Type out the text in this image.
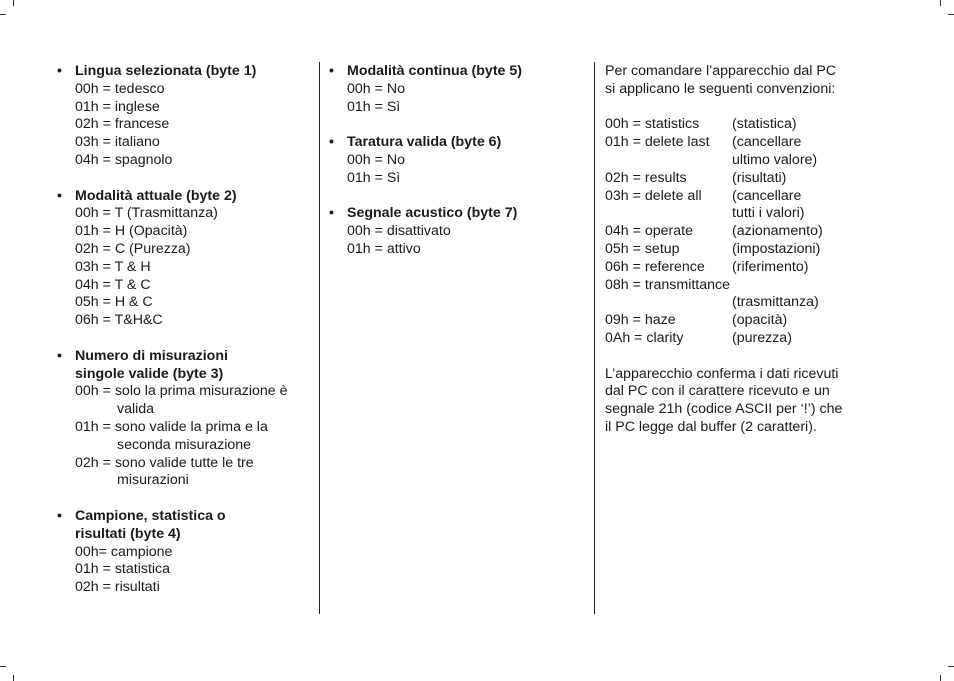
• Lingua selezionata (byte 1)
00h = tedesco
01h = inglese
02h = francese
03h = italiano
04h = spagnolo
• Modalità attuale (byte 2)
00h = T (Trasmittanza)
01h = H (Opacità)
02h = C (Purezza)
03h = T & H
04h = T & C
05h = H & C
06h = T&H&C
• Numero di misurazioni
singole valide (byte 3)
00h = solo la prima misurazione è
valida
01h = sono valide la prima e la
seconda misurazione
02h = sono valide tutte le tre
misurazioni
• Campione, statistica o
risultati (byte 4)
00h= campione
01h = statistica
02h = risultati
• Modalità continua (byte 5)
00h = No
01h = Sì
• Taratura valida (byte 6)
00h = No
01h = Sì
• Segnale acustico (byte 7)
00h = disattivato
01h = attivo
Per comandare l’apparecchio dal PC
si applicano le seguenti convenzioni:
00h = statistics	(statistica)
01h = delete last	(cancellare
ultimo valore)
02h = results	(risultati)
03h = delete all	(cancellare
tutti i valori)
04h = operate	(azionamento)
05h = setup	(impostazioni)
06h = reference	(riferimento)
08h = transmittance
(trasmittanza)
09h = haze	(opacità)
0Ah = clarity	(purezza)
L’apparecchio conferma i dati ricevuti
dal PC con il carattere ricevuto e un
segnale 21h (codice ASCII per ‘!’) che
il PC legge dal buffer (2 caratteri).
